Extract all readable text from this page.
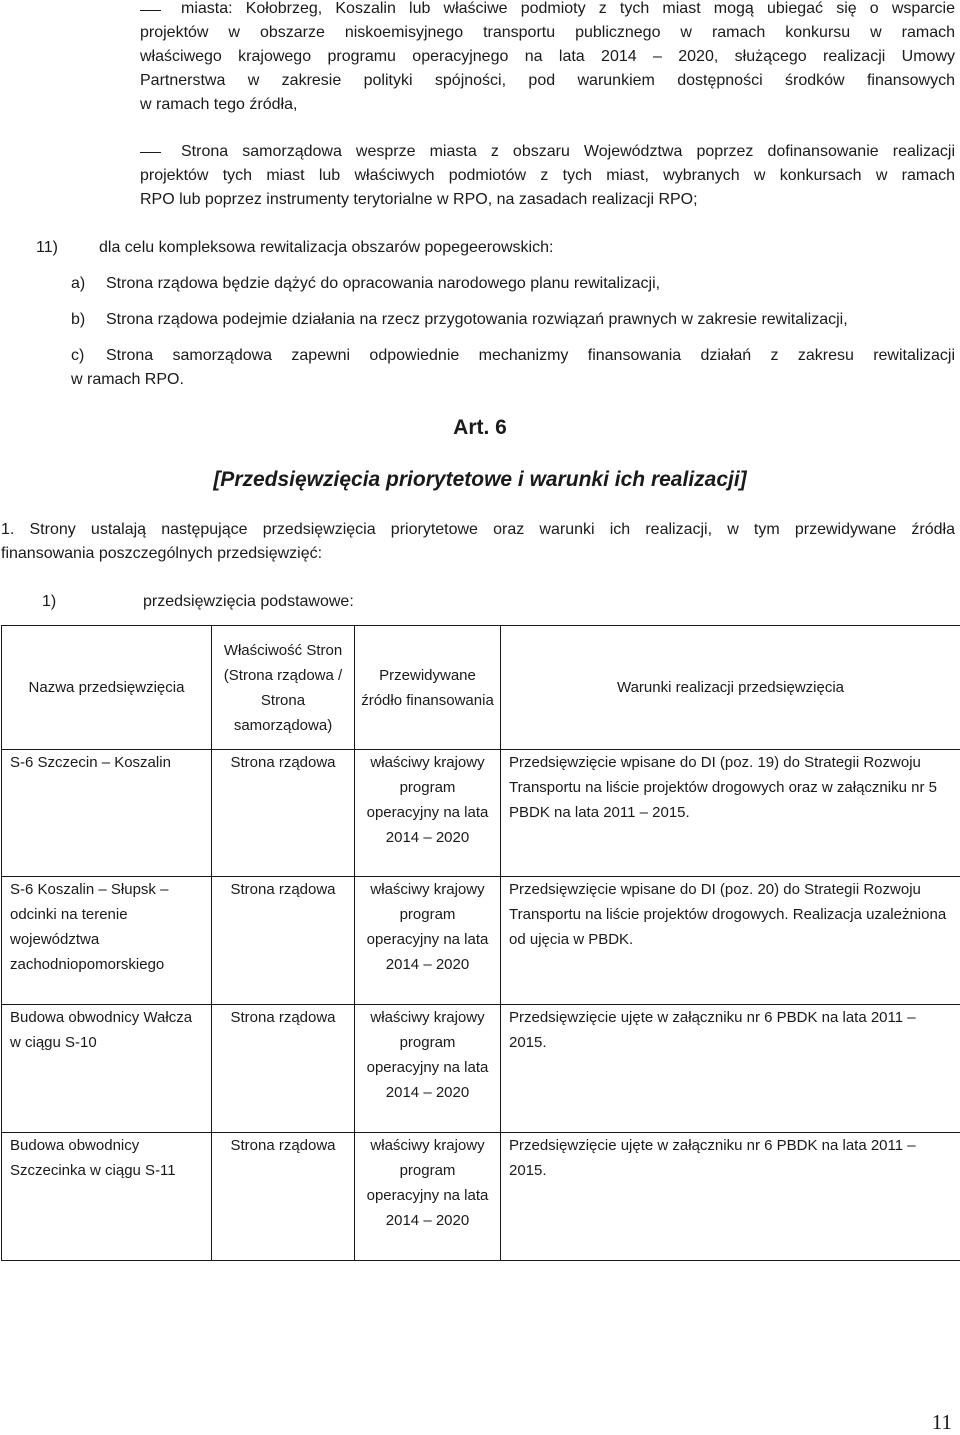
miasta: Kołobrzeg, Koszalin lub właściwe podmioty z tych miast mogą ubiegać się o wsparcie
projektów w obszarze niskoemisyjnego transportu publicznego w ramach konkursu w ramach
właściwego krajowego programu operacyjnego na lata 2014 – 2020, służącego realizacji Umowy
Partnerstwa w zakresie polityki spójności, pod warunkiem dostępności środków finansowych
w ramach tego źródła,
Strona samorządowa wesprze miasta z obszaru Województwa poprzez dofinansowanie realizacji
projektów tych miast lub właściwych podmiotów z tych miast, wybranych w konkursach w ramach
RPO lub poprzez instrumenty terytorialne w RPO, na zasadach realizacji RPO;
11)	dla celu kompleksowa rewitalizacja obszarów popegeerowskich:
a) Strona rządowa będzie dążyć do opracowania narodowego planu rewitalizacji,
b) Strona rządowa podejmie działania na rzecz przygotowania rozwiązań prawnych w zakresie rewitalizacji,
c) Strona samorządowa zapewni odpowiednie mechanizmy finansowania działań z zakresu rewitalizacji
w ramach RPO.
Art. 6
[Przedsięwzięcia priorytetowe i warunki ich realizacji]
1. Strony ustalają następujące przedsięwzięcia priorytetowe oraz warunki ich realizacji, w tym przewidywane źródła
finansowania poszczególnych przedsięwzięć:
1)	przedsięwzięcia podstawowe:
Nazwa przedsięwzięcia	Właściwość Stron (Strona rządowa / Strona samorządowa)	Przewidywane źródło finansowania	Warunki realizacji przedsięwzięcia
S-6 Szczecin – Koszalin	Strona rządowa	właściwy krajowy program operacyjny na lata 2014 – 2020	Przedsięwzięcie wpisane do DI (poz. 19) do Strategii Rozwoju Transportu na liście projektów drogowych oraz w załączniku nr 5 PBDK na lata 2011 – 2015.
S-6 Koszalin – Słupsk – odcinki na terenie województwa zachodniopomorskiego	Strona rządowa	właściwy krajowy program operacyjny na lata 2014 – 2020	Przedsięwzięcie wpisane do DI (poz. 20) do Strategii Rozwoju Transportu na liście projektów drogowych. Realizacja uzależniona od ujęcia w PBDK.
Budowa obwodnicy Wałcza w ciągu S-10	Strona rządowa	właściwy krajowy program operacyjny na lata 2014 – 2020	Przedsięwzięcie ujęte w załączniku nr 6 PBDK na lata 2011 – 2015.
Budowa obwodnicy Szczecinka w ciągu S-11	Strona rządowa	właściwy krajowy program operacyjny na lata 2014 – 2020	Przedsięwzięcie ujęte w załączniku nr 6 PBDK na lata 2011 – 2015.
11
